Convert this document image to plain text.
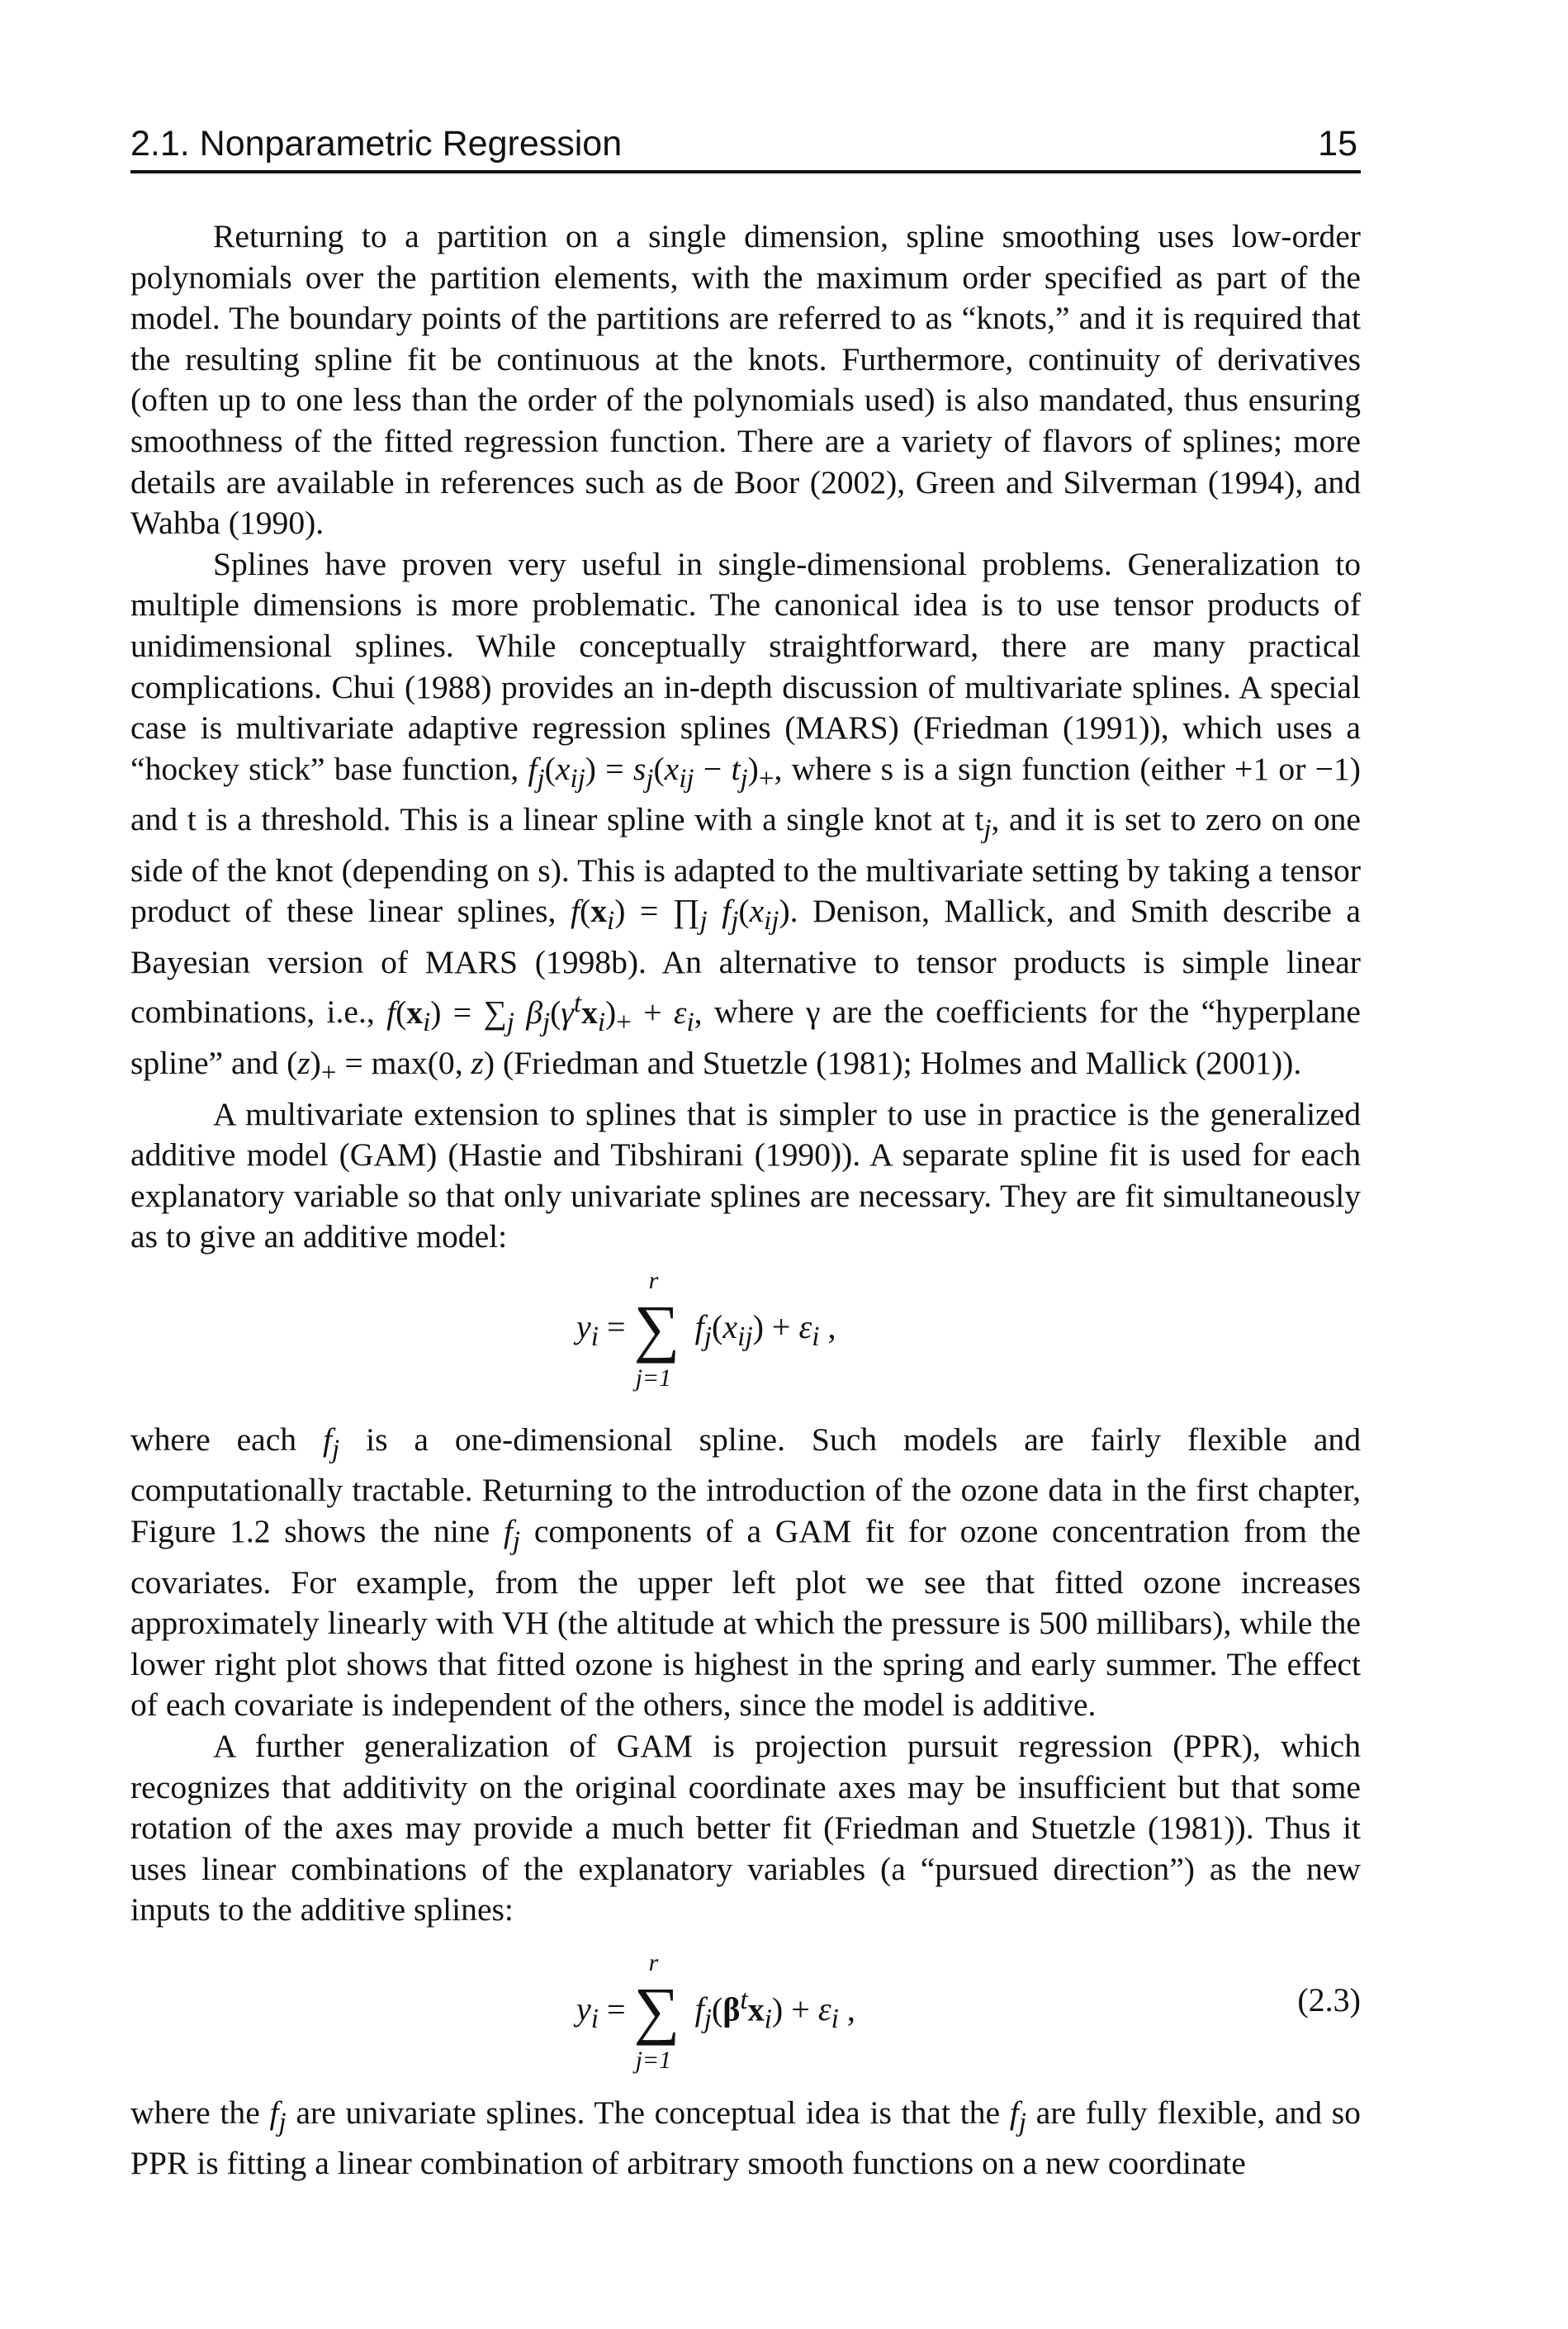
2.1. Nonparametric Regression	15

Returning to a partition on a single dimension, spline smoothing uses low-order polynomials over the partition elements, with the maximum order specified as part of the model. The boundary points of the partitions are referred to as “knots,” and it is required that the resulting spline fit be continuous at the knots. Furthermore, continuity of derivatives (often up to one less than the order of the polynomials used) is also mandated, thus ensuring smoothness of the fitted regression function. There are a variety of flavors of splines; more details are available in references such as de Boor (2002), Green and Silverman (1994), and Wahba (1990).

Splines have proven very useful in single-dimensional problems. Generalization to multiple dimensions is more problematic. The canonical idea is to use tensor products of unidimensional splines. While conceptually straightforward, there are many practical complications. Chui (1988) provides an in-depth discussion of multivariate splines. A special case is multivariate adaptive regression splines (MARS) (Friedman (1991)), which uses a “hockey stick” base function, $f_j(x_{ij}) = s_j(x_{ij} - t_j)_+$, where s is a sign function (either +1 or −1) and t is a threshold. This is a linear spline with a single knot at $t_j$, and it is set to zero on one side of the knot (depending on s). This is adapted to the multivariate setting by taking a tensor product of these linear splines, $f(x_i)$ = $\prod_j$ $f_j(x_{ij})$. Denison, Mallick, and Smith describe a Bayesian version of MARS (1998b). An alternative to tensor products is simple linear combinations, i.e., $f(x_i) = \sum_j$ $\beta_j(\gamma^tx_i)_+ + \varepsilon_i$, where γ are the coefficients for the “hyperplane spline” and $(z)_+ = \max(0$, z) (Friedman and Stuetzle (1981); Holmes and Mallick (2001)).

A multivariate extension to splines that is simpler to use in practice is the generalized additive model (GAM) (Hastie and Tibshirani (1990)). A separate spline fit is used for each explanatory variable so that only univariate splines are necessary. They are fit simultaneously as to give an additive model:

$y_i$ =
r
∑
j=1
$f_j(x_{ij}) + \varepsilon_i$ ,

where each $f_j$ is a one-dimensional spline. Such models are fairly flexible and computationally tractable. Returning to the introduction of the ozone data in the first chapter, Figure 1.2 shows the nine $f_j$ components of a GAM fit for ozone concentration from the covariates. For example, from the upper left plot we see that fitted ozone increases approximately linearly with VH (the altitude at which the pressure is 500 millibars), while the lower right plot shows that fitted ozone is highest in the spring and early summer. The effect of each covariate is independent of the others, since the model is additive.

A further generalization of GAM is projection pursuit regression (PPR), which recognizes that additivity on the original coordinate axes may be insufficient but that some rotation of the axes may provide a much better fit (Friedman and Stuetzle (1981)). Thus it uses linear combinations of the explanatory variables (a “pursued direction”) as the new inputs to the additive splines:

$y_i$ =
r
∑
j=1
$f_j(\beta^tx_i) + \varepsilon_i$ ,	(2.3)

where the $f_j$ are univariate splines. The conceptual idea is that the $f_j$ are fully flexible, and so PPR is fitting a linear combination of arbitrary smooth functions on a new coordinate
